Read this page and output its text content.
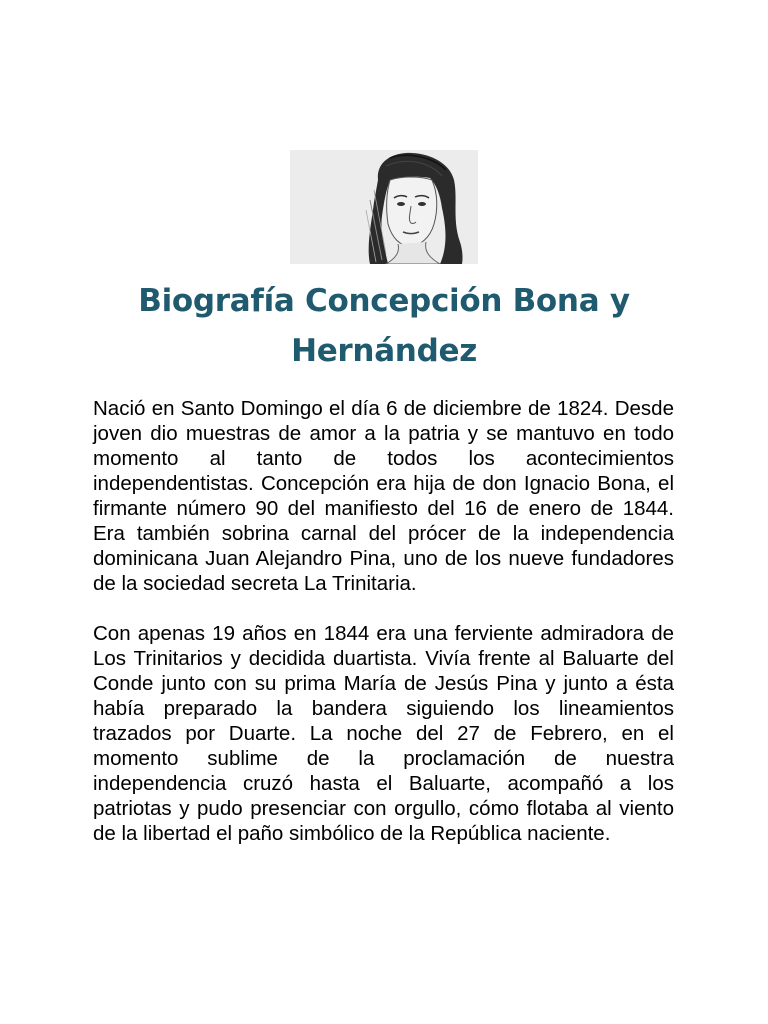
Biografía Concepción Bona y Hernández

Nació en Santo Domingo el día 6 de diciembre de 1824. Desde joven dio muestras de amor a la patria y se mantuvo en todo momento al tanto de todos los acontecimientos independentistas. Concepción era hija de don Ignacio Bona, el firmante número 90 del manifiesto del 16 de enero de 1844. Era también sobrina carnal del prócer de la independencia dominicana Juan Alejandro Pina, uno de los nueve fundadores de la sociedad secreta La Trinitaria.

Con apenas 19 años en 1844 era una ferviente admiradora de Los Trinitarios y decidida duartista. Vivía frente al Baluarte del Conde junto con su prima María de Jesús Pina y junto a ésta había preparado la bandera siguiendo los lineamientos trazados por Duarte. La noche del 27 de Febrero, en el momento sublime de la proclamación de nuestra independencia cruzó hasta el Baluarte, acompañó a los patriotas y pudo presenciar con orgullo, cómo flotaba al viento de la libertad el paño simbólico de la República naciente.
